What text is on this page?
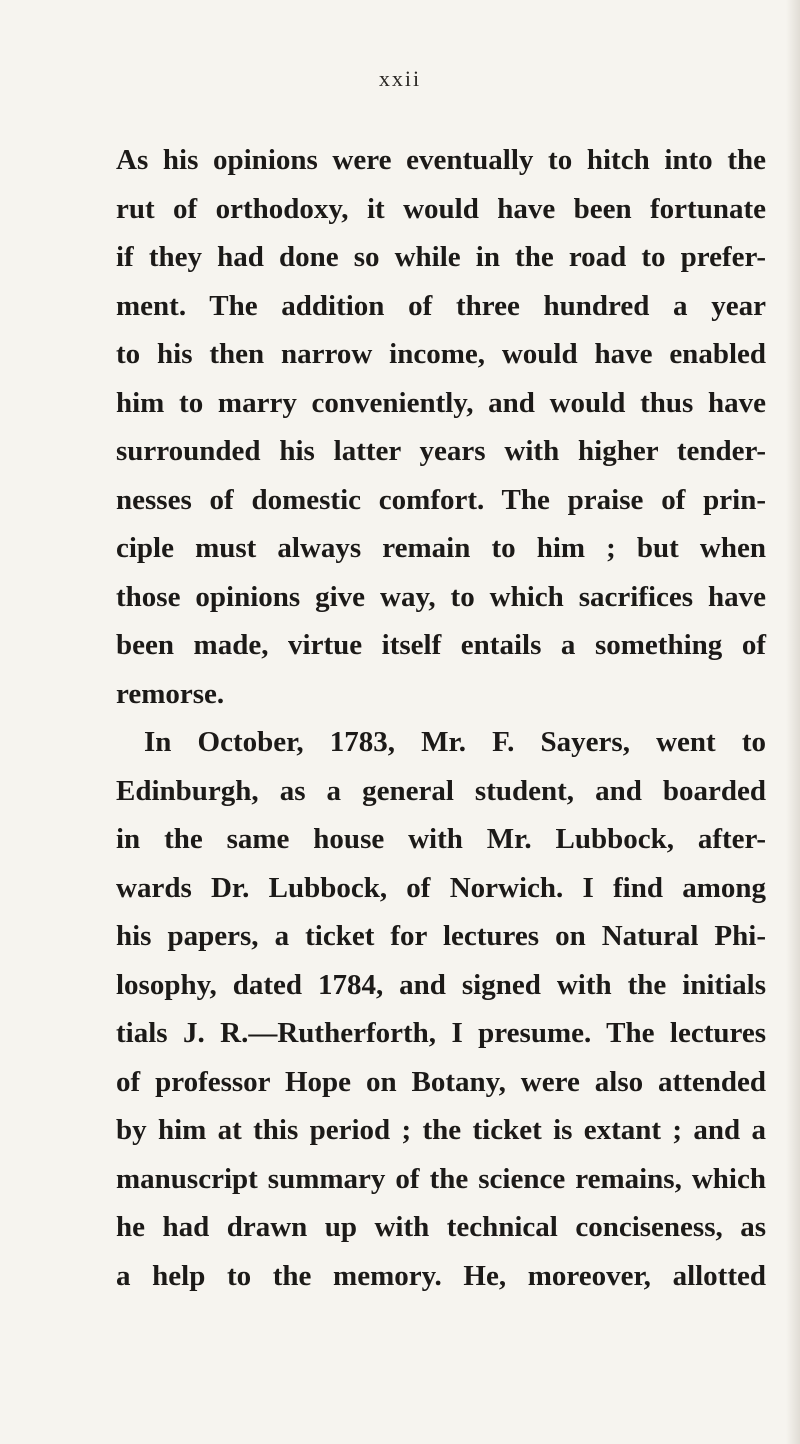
xxii
As his opinions were eventually to hitch into the
rut of orthodoxy, it would have been fortunate
if they had done so while in the road to prefer-
ment. The addition of three hundred a year
to his then narrow income, would have enabled
him to marry conveniently, and would thus have
surrounded his latter years with higher tender-
nesses of domestic comfort. The praise of prin-
ciple must always remain to him ; but when
those opinions give way, to which sacrifices have
been made, virtue itself entails a something of
remorse.
In October, 1783, Mr. F. Sayers, went to
Edinburgh, as a general student, and boarded
in the same house with Mr. Lubbock, after-
wards Dr. Lubbock, of Norwich. I find among
his papers, a ticket for lectures on Natural Phi-
losophy, dated 1784, and signed with the initials
tials J. R.—Rutherforth, I presume. The lectures
of professor Hope on Botany, were also attended
by him at this period ; the ticket is extant ; and a
manuscript summary of the science remains, which
he had drawn up with technical conciseness, as
a help to the memory. He, moreover, allotted
